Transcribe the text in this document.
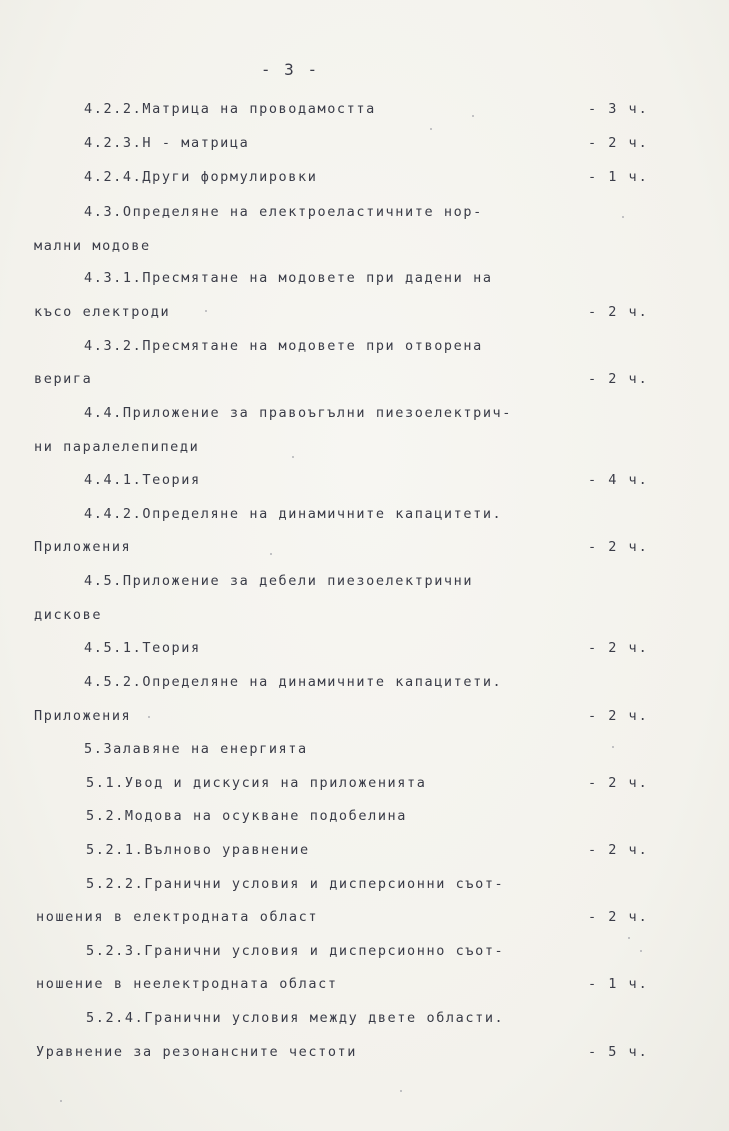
- 3 -
4.2.2.Матрица на проводамостта	- 3 ч.
4.2.3.Н - матрица	- 2 ч.
4.2.4.Други формулировки	- 1 ч.
4.3.Определяне на електроеластичните нор-
мални модове
4.3.1.Пресмятане на модовете при дадени на
късо електроди	- 2 ч.
4.3.2.Пресмятане на модовете при отворена
верига	- 2 ч.
4.4.Приложение за правоъгълни пиезоелектрич-
ни паралелепипеди
4.4.1.Теория	- 4 ч.
4.4.2.Определяне на динамичните капацитети.
Приложения	- 2 ч.
4.5.Приложение за дебели пиезоелектрични
дискове
4.5.1.Теория	- 2 ч.
4.5.2.Определяне на динамичните капацитети.
Приложения	- 2 ч.
5.Залавяне на енергията
5.1.Увод и дискусия на приложенията	- 2 ч.
5.2.Модова на осукване подобелина
5.2.1.Вълново уравнение	- 2 ч.
5.2.2.Гранични условия и дисперсионни съот-
ношения в електродната област	- 2 ч.
5.2.3.Гранични условия и дисперсионно съот-
ношение в неелектродната област	- 1 ч.
5.2.4.Гранични условия между двете области.
Уравнение за резонансните честоти	- 5 ч.
